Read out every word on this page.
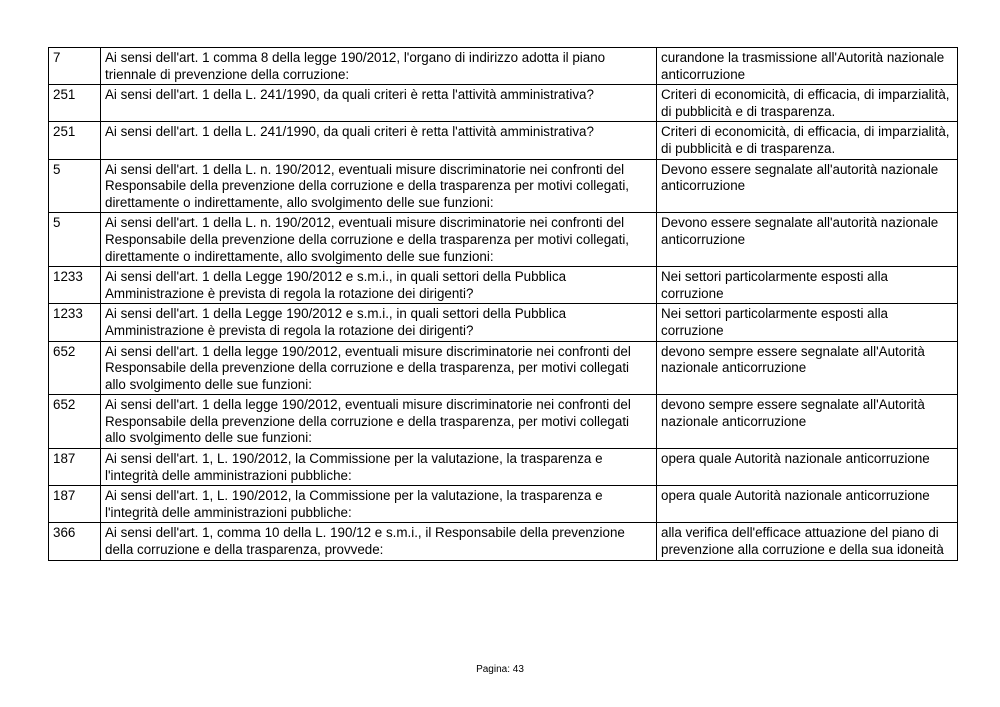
7	Ai sensi dell'art. 1 comma 8 della legge 190/2012, l'organo di indirizzo adotta il piano triennale di prevenzione della corruzione:	curandone la trasmissione all'Autorità nazionale anticorruzione
251	Ai sensi dell'art. 1 della L. 241/1990, da quali criteri è retta l'attività amministrativa?	Criteri di economicità, di efficacia, di imparzialità, di pubblicità e di trasparenza.
251	Ai sensi dell'art. 1 della L. 241/1990, da quali criteri è retta l'attività amministrativa?	Criteri di economicità, di efficacia, di imparzialità, di pubblicità e di trasparenza.
5	Ai sensi dell'art. 1 della L. n. 190/2012, eventuali misure discriminatorie nei confronti del Responsabile della prevenzione della corruzione e della trasparenza per motivi collegati, direttamente o indirettamente, allo svolgimento delle sue funzioni:	Devono essere segnalate all'autorità nazionale anticorruzione
5	Ai sensi dell'art. 1 della L. n. 190/2012, eventuali misure discriminatorie nei confronti del Responsabile della prevenzione della corruzione e della trasparenza per motivi collegati, direttamente o indirettamente, allo svolgimento delle sue funzioni:	Devono essere segnalate all'autorità nazionale anticorruzione
1233	Ai sensi dell'art. 1 della Legge 190/2012 e s.m.i., in quali settori della Pubblica Amministrazione è prevista di regola la rotazione dei dirigenti?	Nei settori particolarmente esposti alla corruzione
1233	Ai sensi dell'art. 1 della Legge 190/2012 e s.m.i., in quali settori della Pubblica Amministrazione è prevista di regola la rotazione dei dirigenti?	Nei settori particolarmente esposti alla corruzione
652	Ai sensi dell'art. 1 della legge 190/2012, eventuali misure discriminatorie nei confronti del Responsabile della prevenzione della corruzione e della trasparenza, per motivi collegati allo svolgimento delle sue funzioni:	devono sempre essere segnalate all'Autorità nazionale anticorruzione
652	Ai sensi dell'art. 1 della legge 190/2012, eventuali misure discriminatorie nei confronti del Responsabile della prevenzione della corruzione e della trasparenza, per motivi collegati allo svolgimento delle sue funzioni:	devono sempre essere segnalate all'Autorità nazionale anticorruzione
187	Ai sensi dell'art. 1, L. 190/2012, la Commissione per la valutazione, la trasparenza e l'integrità delle amministrazioni pubbliche:	opera quale Autorità nazionale anticorruzione
187	Ai sensi dell'art. 1, L. 190/2012, la Commissione per la valutazione, la trasparenza e l'integrità delle amministrazioni pubbliche:	opera quale Autorità nazionale anticorruzione
366	Ai sensi dell'art. 1, comma 10 della L. 190/12 e s.m.i., il Responsabile della prevenzione della corruzione e della trasparenza, provvede:	alla verifica dell'efficace attuazione del piano di prevenzione alla corruzione e della sua idoneità
Pagina: 43
